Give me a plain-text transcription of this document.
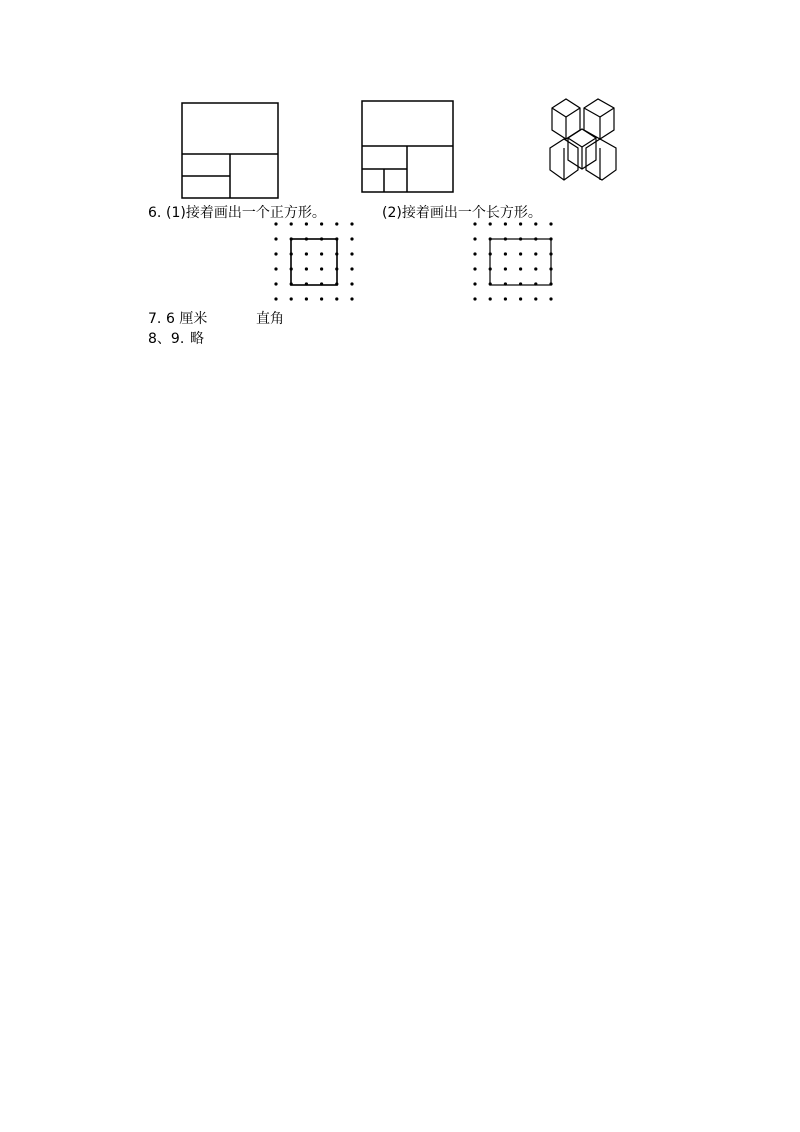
6. (1)接着画出一个正方形。	(2)接着画出一个长方形。
7. 6 厘米	直角
8、9. 略
